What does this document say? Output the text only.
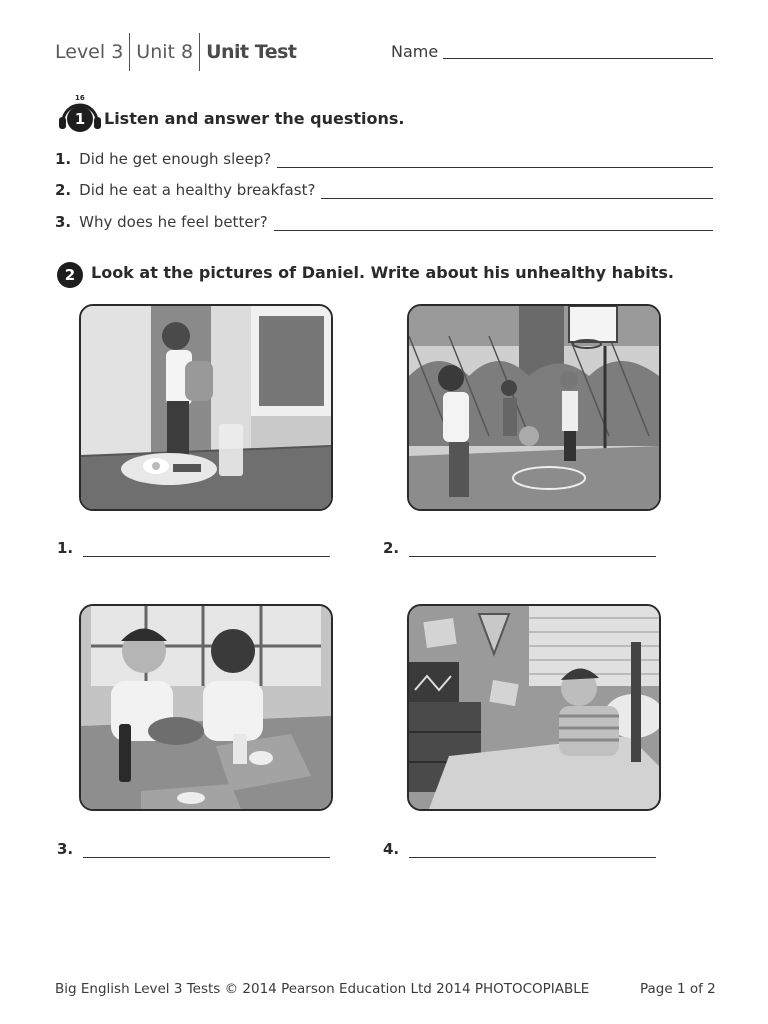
Level 3 Unit 8 Unit Test	Name
16
1	Listen and answer the questions.
1. Did he get enough sleep?
2. Did he eat a healthy breakfast?
3. Why does he feel better?
2 Look at the pictures of Daniel. Write about his unhealthy habits.
1.	2.
3.	4.
Big English Level 3 Tests © 2014 Pearson Education Ltd 2014 PHOTOCOPIABLE	Page 1 of 2
